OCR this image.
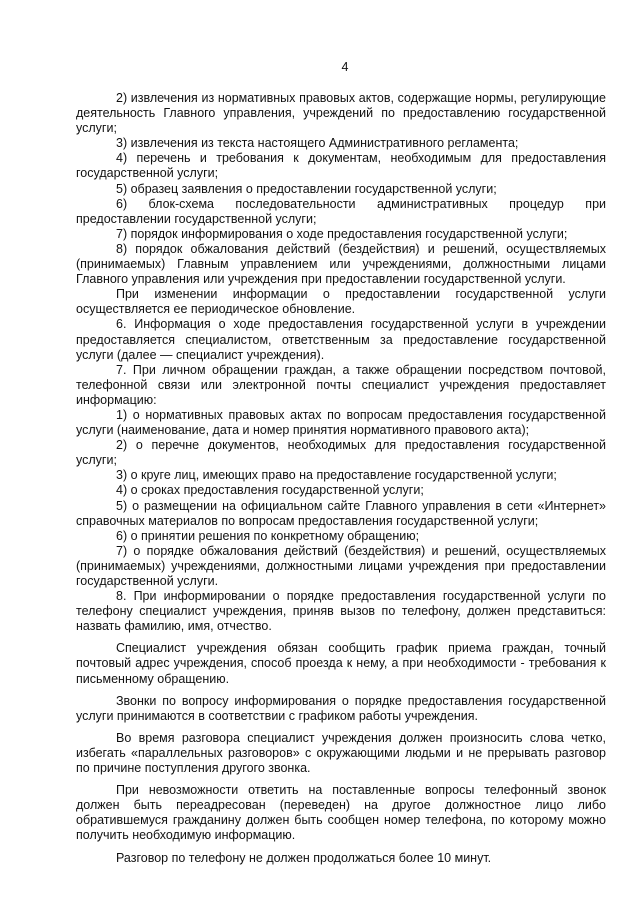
4

2) извлечения из нормативных правовых актов, содержащие нормы, регулирующие деятельность Главного управления, учреждений по предоставлению государственной услуги;

3) извлечения из текста настоящего Административного регламента;

4) перечень и требования к документам, необходимым для предоставления государственной услуги;

5) образец заявления о предоставлении государственной услуги;

6) блок-схема последовательности административных процедур при предоставлении государственной услуги;

7) порядок информирования о ходе предоставления государственной услуги;

8) порядок обжалования действий (бездействия) и решений, осуществляемых (принимаемых) Главным управлением или учреждениями, должностными лицами Главного управления или учреждения при предоставлении государственной услуги.

При изменении информации о предоставлении государственной услуги осуществляется ее периодическое обновление.

6. Информация о ходе предоставления государственной услуги в учреждении предоставляется специалистом, ответственным за предоставление государственной услуги (далее — специалист учреждения).

7. При личном обращении граждан, а также обращении посредством почтовой, телефонной связи или электронной почты специалист учреждения предоставляет информацию:

1) о нормативных правовых актах по вопросам предоставления государственной услуги (наименование, дата и номер принятия нормативного правового акта);

2) о перечне документов, необходимых для предоставления государственной услуги;

3) о круге лиц, имеющих право на предоставление государственной услуги;

4) о сроках предоставления государственной услуги;

5) о размещении на официальном сайте Главного управления в сети «Интернет» справочных материалов по вопросам предоставления государственной услуги;

6) о принятии решения по конкретному обращению;

7) о порядке обжалования действий (бездействия) и решений, осуществляемых (принимаемых) учреждениями, должностными лицами учреждения при предоставлении государственной услуги.

8. При информировании о порядке предоставления государственной услуги по телефону специалист учреждения, приняв вызов по телефону, должен представиться: назвать фамилию, имя, отчество.

Специалист учреждения обязан сообщить график приема граждан, точный почтовый адрес учреждения, способ проезда к нему, а при необходимости - требования к письменному обращению.

Звонки по вопросу информирования о порядке предоставления государственной услуги принимаются в соответствии с графиком работы учреждения.

Во время разговора специалист учреждения должен произносить слова четко, избегать «параллельных разговоров» с окружающими людьми и не прерывать разговор по причине поступления другого звонка.

При невозможности ответить на поставленные вопросы телефонный звонок должен быть переадресован (переведен) на другое должностное лицо либо обратившемуся гражданину должен быть сообщен номер телефона, по которому можно получить необходимую информацию.

Разговор по телефону не должен продолжаться более 10 минут.
